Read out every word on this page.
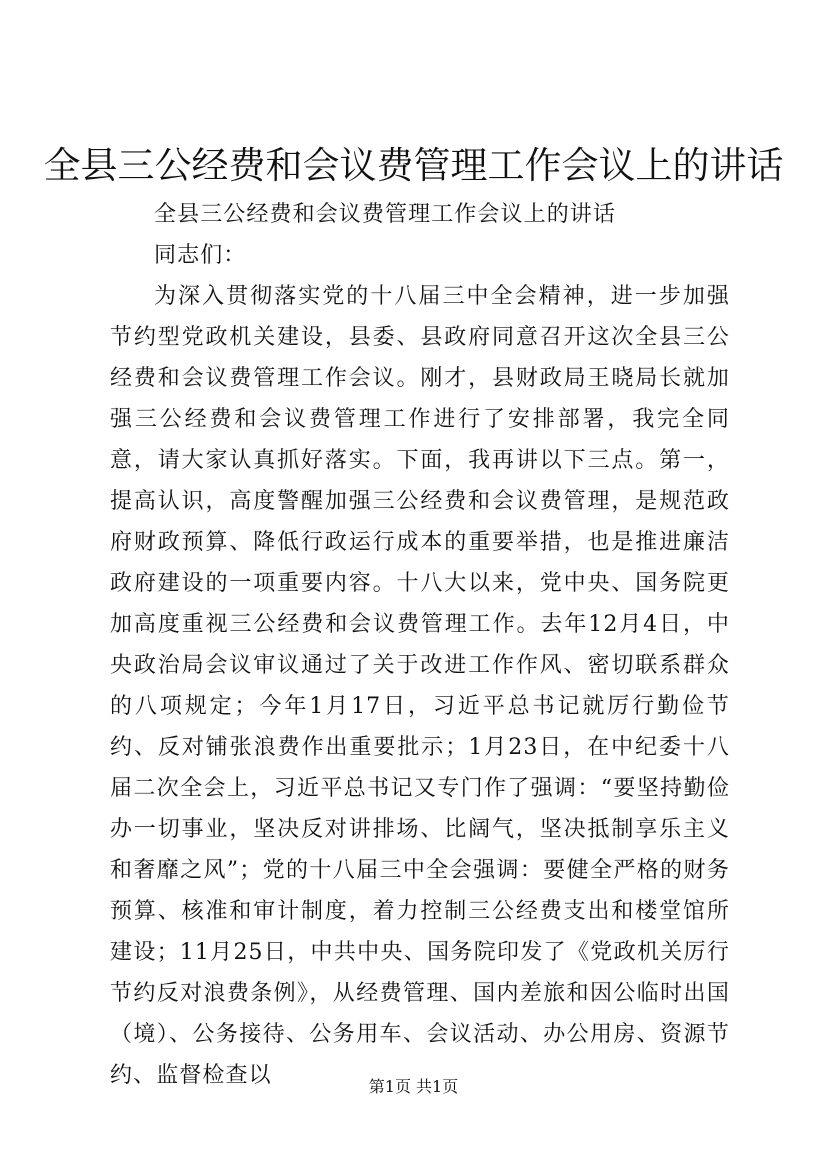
全县三公经费和会议费管理工作会议上的讲话

全县三公经费和会议费管理工作会议上的讲话

同志们：

为深入贯彻落实党的十八届三中全会精神，进一步加强节约型党政机关建设，县委、县政府同意召开这次全县三公经费和会议费管理工作会议。刚才，县财政局王晓局长就加强三公经费和会议费管理工作进行了安排部署，我完全同意，请大家认真抓好落实。下面，我再讲以下三点。第一，提高认识，高度警醒加强三公经费和会议费管理，是规范政府财政预算、降低行政运行成本的重要举措，也是推进廉洁政府建设的一项重要内容。十八大以来，党中央、国务院更加高度重视三公经费和会议费管理工作。去年12月4日，中央政治局会议审议通过了关于改进工作作风、密切联系群众的八项规定；今年1月17日，习近平总书记就厉行勤俭节约、反对铺张浪费作出重要批示；1月23日，在中纪委十八届二次全会上，习近平总书记又专门作了强调：“要坚持勤俭办一切事业，坚决反对讲排场、比阔气，坚决抵制享乐主义和奢靡之风”；党的十八届三中全会强调：要健全严格的财务预算、核准和审计制度，着力控制三公经费支出和楼堂馆所建设；11月25日，中共中央、国务院印发了《党政机关厉行节约反对浪费条例》，从经费管理、国内差旅和因公临时出国（境）、公务接待、公务用车、会议活动、办公用房、资源节约、监督检查以	第1页 共1页
